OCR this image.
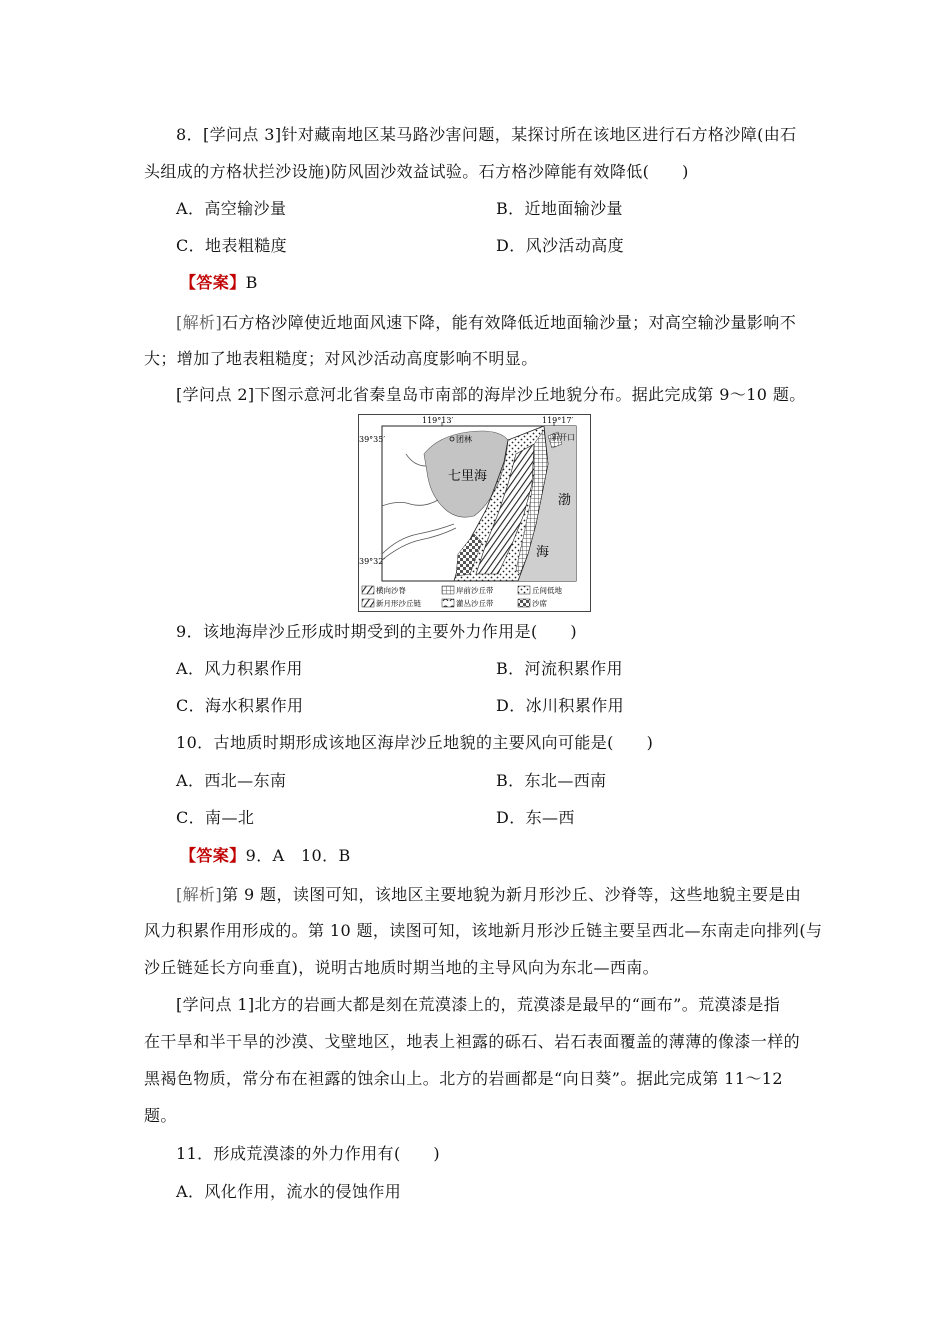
8．[学问点 3]针对藏南地区某马路沙害问题，某探讨所在该地区进行石方格沙障(由石
头组成的方格状拦沙设施)防风固沙效益试验。石方格沙障能有效降低(　　)
A．高空输沙量	B．近地面输沙量
C．地表粗糙度	D．风沙活动高度
【答案】B
[解析]石方格沙障使近地面风速下降，能有效降低近地面输沙量；对高空输沙量影响不
大；增加了地表粗糙度；对风沙活动高度影响不明显。
[学问点 2]下图示意河北省秦皇岛市南部的海岸沙丘地貌分布。据此完成第 9～10 题。
119°13′	119°17′
39°35′
39°32′
团林	新开口
七里海
渤
海
横向沙脊	岸前沙丘带	丘间低地
新月形沙丘链	灌丛沙丘带	沙席
9．该地海岸沙丘形成时期受到的主要外力作用是(　　)
A．风力积累作用	B．河流积累作用
C．海水积累作用	D．冰川积累作用
10．古地质时期形成该地区海岸沙丘地貌的主要风向可能是(　　)
A．西北—东南	B．东北—西南
C．南—北	D．东—西
【答案】9．A　10．B
[解析]第 9 题，读图可知，该地区主要地貌为新月形沙丘、沙脊等，这些地貌主要是由
风力积累作用形成的。第 10 题，读图可知，该地新月形沙丘链主要呈西北—东南走向排列(与
沙丘链延长方向垂直)，说明古地质时期当地的主导风向为东北—西南。
[学问点 1]北方的岩画大都是刻在荒漠漆上的，荒漠漆是最早的“画布”。荒漠漆是指
在干旱和半干旱的沙漠、戈壁地区，地表上袒露的砾石、岩石表面覆盖的薄薄的像漆一样的
黑褐色物质，常分布在袒露的蚀余山上。北方的岩画都是“向日葵”。据此完成第 11～12
题。
11．形成荒漠漆的外力作用有(　　)
A．风化作用，流水的侵蚀作用
